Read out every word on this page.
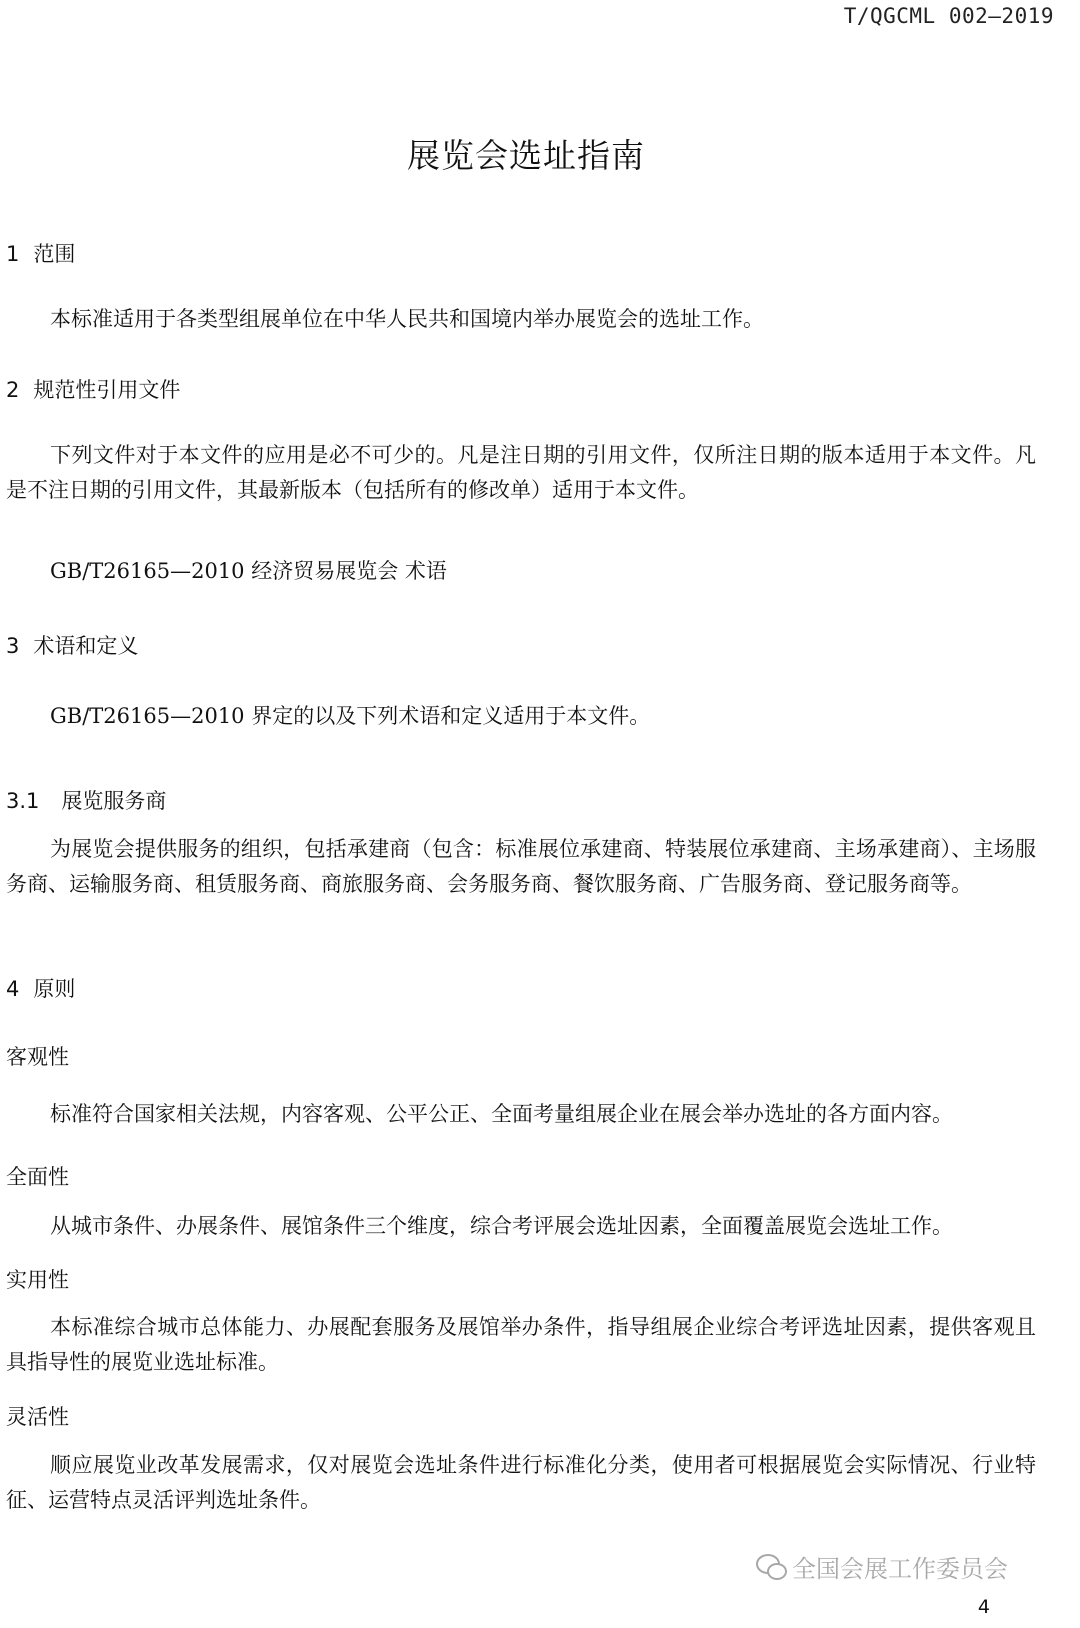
T/QGCML 002—2019
展览会选址指南
1 范围
本标准适用于各类型组展单位在中华人民共和国境内举办展览会的选址工作。
2 规范性引用文件
下列文件对于本文件的应用是必不可少的。凡是注日期的引用文件，仅所注日期的版本适用于本文件。凡是不注日期的引用文件，其最新版本（包括所有的修改单）适用于本文件。
GB/T26165—2010 经济贸易展览会 术语
3 术语和定义
GB/T26165—2010 界定的以及下列术语和定义适用于本文件。
3.1 展览服务商
为展览会提供服务的组织，包括承建商（包含：标准展位承建商、特装展位承建商、主场承建商）、主场服务商、运输服务商、租赁服务商、商旅服务商、会务服务商、餐饮服务商、广告服务商、登记服务商等。
4 原则
客观性
标准符合国家相关法规，内容客观、公平公正、全面考量组展企业在展会举办选址的各方面内容。
全面性
从城市条件、办展条件、展馆条件三个维度，综合考评展会选址因素，全面覆盖展览会选址工作。
实用性
本标准综合城市总体能力、办展配套服务及展馆举办条件，指导组展企业综合考评选址因素，提供客观且具指导性的展览业选址标准。
灵活性
顺应展览业改革发展需求，仅对展览会选址条件进行标准化分类，使用者可根据展览会实际情况、行业特征、运营特点灵活评判选址条件。
全国会展工作委员会
4
